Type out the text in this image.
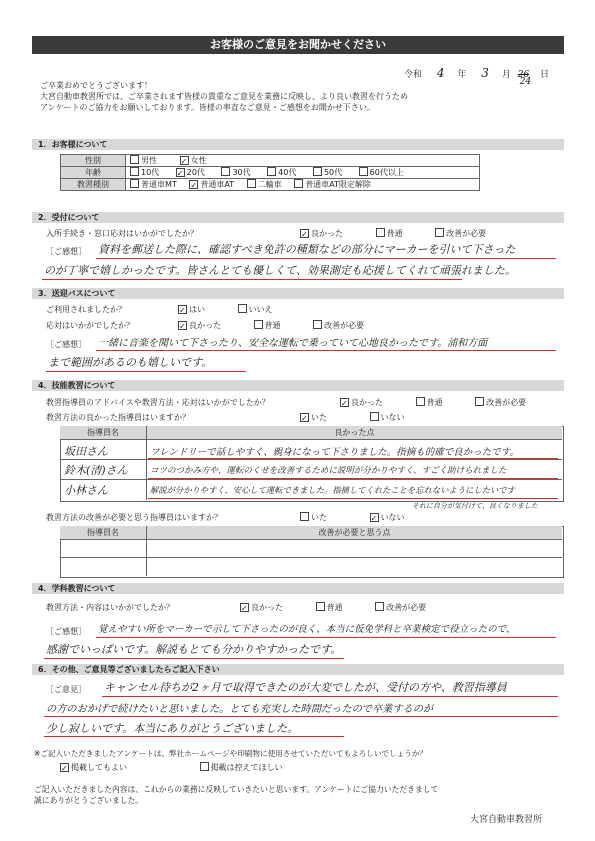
お客様のご意見をお聞かせください
令和 4 年 3 月 26
24
日
ご卒業おめでとうございます！
大宮自動車教習所では、ご卒業されます皆様の貴重なご意見を業務に反映し、より良い教習を行うため
アンケートのご協力をお願いしております。皆様の率直なご意見・ご感想をお聞かせ下さい。
1．お客様について
性別	男性 ✓ 女性
年齢	10代 ✓ 20代 30代 40代 50代 60代以上
教習種別	普通車MT ✓ 普通車AT 二輪車 普通車AT限定解除
2．受付について
入所手続き・窓口応対はいかがでしたか？	✓ 良かった	普通	改善が必要
［ご感想］ 資料を郵送した際に、確認すべき免許の種類などの部分にマーカーを引いて下さった
のが丁寧で嬉しかったです。皆さんとても優しくて、効果測定も応援してくれて頑張れました。
3．送迎バスについて
ご利用されましたか？	✓ はい	いいえ
応対はいかがでしたか？	✓ 良かった	普通	改善が必要
［ご感想］ 一緒に音楽を聞いて下さったり、安全な運転で乗っていて心地良かったです。浦和方面
まで範囲があるのも嬉しいです。
4．技能教習について
教習指導員のアドバイスや教習方法・応対はいかがでしたか？	✓ 良かった	普通	改善が必要
教習方法の良かった指導員はいますか？	✓ いた	いない
指導員名	良かった点
坂田さん	フレンドリーで話しやすく、親身になって下さりました。指摘も的確で良かったです。
鈴木(清)さん	コツのつかみ方や、運転のくせを改善するために説明が分かりやすく、すごく助けられました
小林さん	解説が分かりやすく、安心して運転できました。指摘してくれたことを忘れないようにしたいです
それに自分が気付けて、良くなりました
教習方法の改善が必要と思う指導員はいますか？	いた	✓ いない
指導員名	改善が必要と思う点
4．学科教習について
教習方法・内容はいかがでしたか？	✓ 良かった	普通	改善が必要
［ご感想］ 覚えやすい所をマーカーで示して下さったのが良く、本当に仮免学科と卒業検定で役立ったので、
感謝でいっぱいです。解説もとても分かりやすかったです。
6．その他、ご意見等ございましたらご記入下さい
［ご意見］ キャンセル待ちが2ヶ月で取得できたのが大変でしたが、受付の方や、教習指導員
の方のおかげで続けたいと思いました。とても充実した時間だったので卒業するのが
少し寂しいです。本当にありがとうございました。
※ご記入いただきましたアンケートは、弊社ホームページや印刷物に使用させていただいてもよろしいでしょうか？
✓ 掲載してもよい	掲載は控えてほしい
ご記入いただきました内容は、これからの業務に反映していきたいと思います。アンケートにご協力いただきまして
誠にありがとうございました。
大宮自動車教習所
